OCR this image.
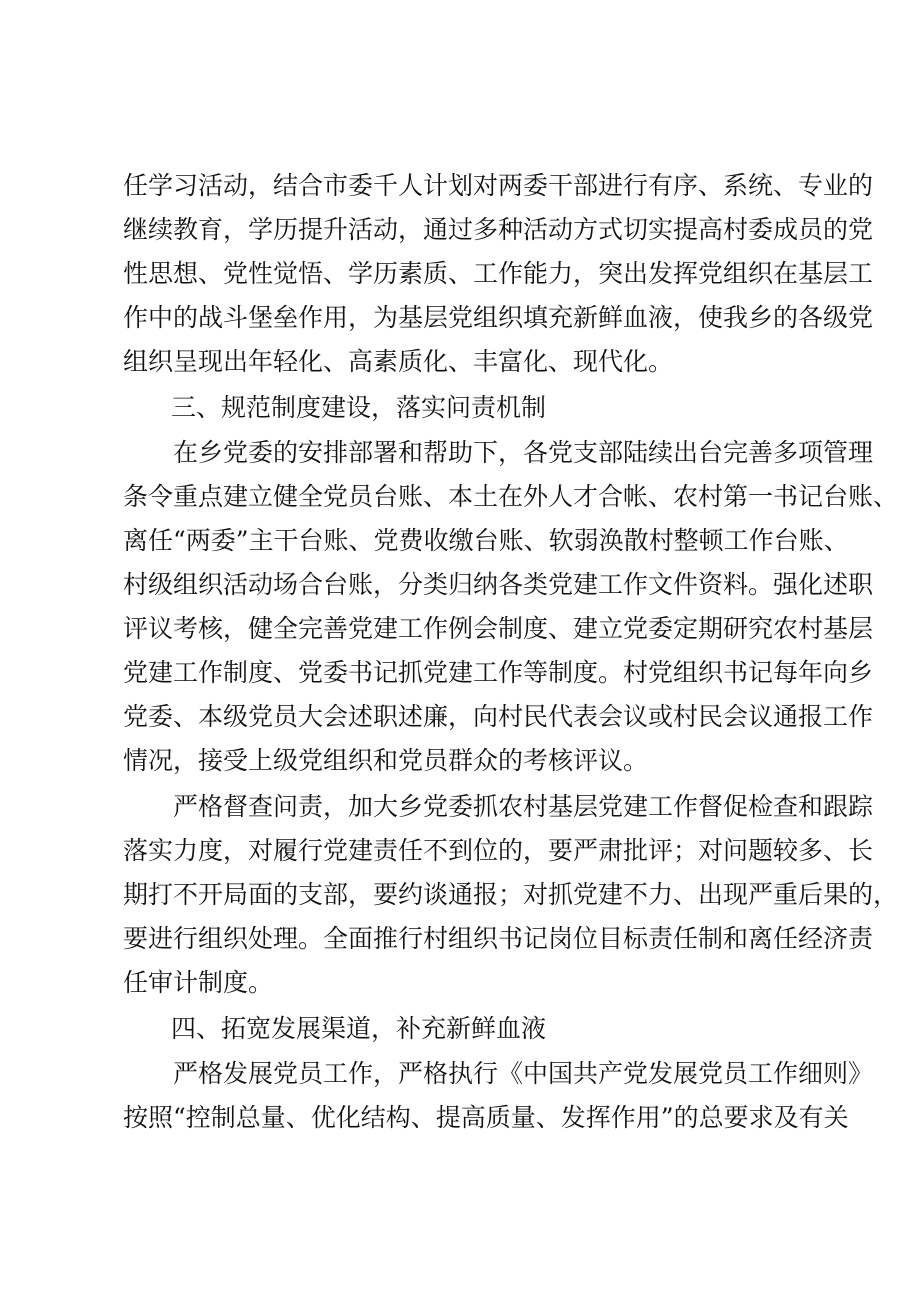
任学习活动，结合市委千人计划对两委干部进行有序、系统、专业的
继续教育，学历提升活动，通过多种活动方式切实提高村委成员的党
性思想、党性觉悟、学历素质、工作能力，突出发挥党组织在基层工
作中的战斗堡垒作用，为基层党组织填充新鲜血液，使我乡的各级党
组织呈现出年轻化、高素质化、丰富化、现代化。
三、规范制度建设，落实问责机制
在乡党委的安排部署和帮助下，各党支部陆续出台完善多项管理
条令重点建立健全党员台账、本土在外人才合帐、农村第一书记台账、
离任“两委”主干台账、党费收缴台账、软弱涣散村整顿工作台账、
村级组织活动场合台账，分类归纳各类党建工作文件资料。强化述职
评议考核，健全完善党建工作例会制度、建立党委定期研究农村基层
党建工作制度、党委书记抓党建工作等制度。村党组织书记每年向乡
党委、本级党员大会述职述廉，向村民代表会议或村民会议通报工作
情况，接受上级党组织和党员群众的考核评议。
严格督查问责，加大乡党委抓农村基层党建工作督促检查和跟踪
落实力度，对履行党建责任不到位的，要严肃批评；对问题较多、长
期打不开局面的支部，要约谈通报；对抓党建不力、出现严重后果的，
要进行组织处理。全面推行村组织书记岗位目标责任制和离任经济责
任审计制度。
四、拓宽发展渠道，补充新鲜血液
严格发展党员工作，严格执行《中国共产党发展党员工作细则》
按照“控制总量、优化结构、提高质量、发挥作用”的总要求及有关
